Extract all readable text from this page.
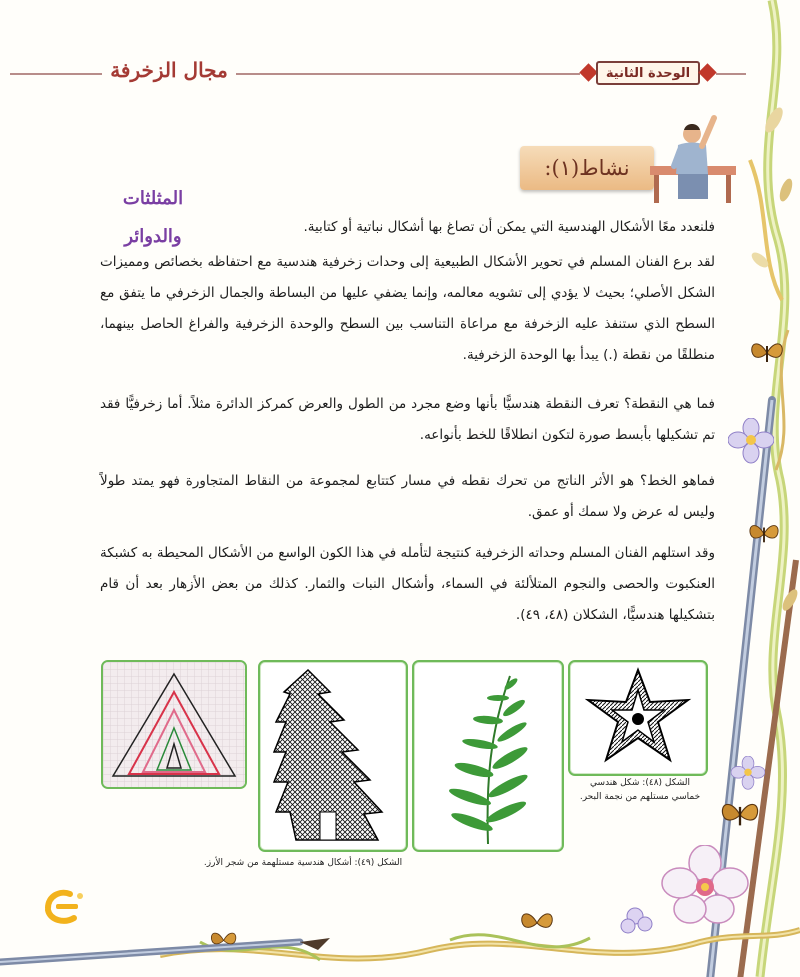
مجال الزخرفة	الوحدة الثانية
نشاط(١):
المثلثات
والدوائر	فلنعدد معًا الأشكال الهندسية التي يمكن أن تصاغ بها أشكال نباتية أو كتابية.

لقد برع الفنان المسلم في تحوير الأشكال الطبيعية إلى وحدات زخرفية هندسية مع احتفاظه بخصائص ومميزات الشكل الأصلي؛ بحيث لا يؤدي إلى تشويه معالمه، وإنما يضفي عليها من البساطة والجمال الزخرفي ما يتفق مع السطح الذي ستنفذ عليه الزخرفة مع مراعاة التناسب بين السطح والوحدة الزخرفية والفراغ الحاصل بينهما، منطلقًا من نقطة (.) يبدأ بها الوحدة الزخرفية.

فما هي النقطة؟ تعرف النقطة هندسيًّا بأنها وضع مجرد من الطول والعرض كمركز الدائرة مثلاً. أما زخرفيًّا فقد تم تشكيلها بأبسط صورة لتكون انطلاقًا للخط بأنواعه.

فماهو الخط؟ هو الأثر الناتج من تحرك نقطه في مسار كتتابع لمجموعة من النقاط المتجاورة فهو يمتد طولاً وليس له عرض ولا سمك أو عمق.

وقد استلهم الفنان المسلم وحداته الزخرفية كنتيجة لتأمله في هذا الكون الواسع من الأشكال المحيطة به كشبكة العنكبوت والحصى والنجوم المتلألئة في السماء، وأشكال النبات والثمار. كذلك من بعض الأزهار بعد أن قام بتشكيلها هندسيًّا، الشكلان (٤٨، ٤٩).

الشكل (٤٨): شكل هندسي خماسي مستلهم من نجمة البحر.
الشكل (٤٩): أشكال هندسية مستلهمة من شجر الأرز.
